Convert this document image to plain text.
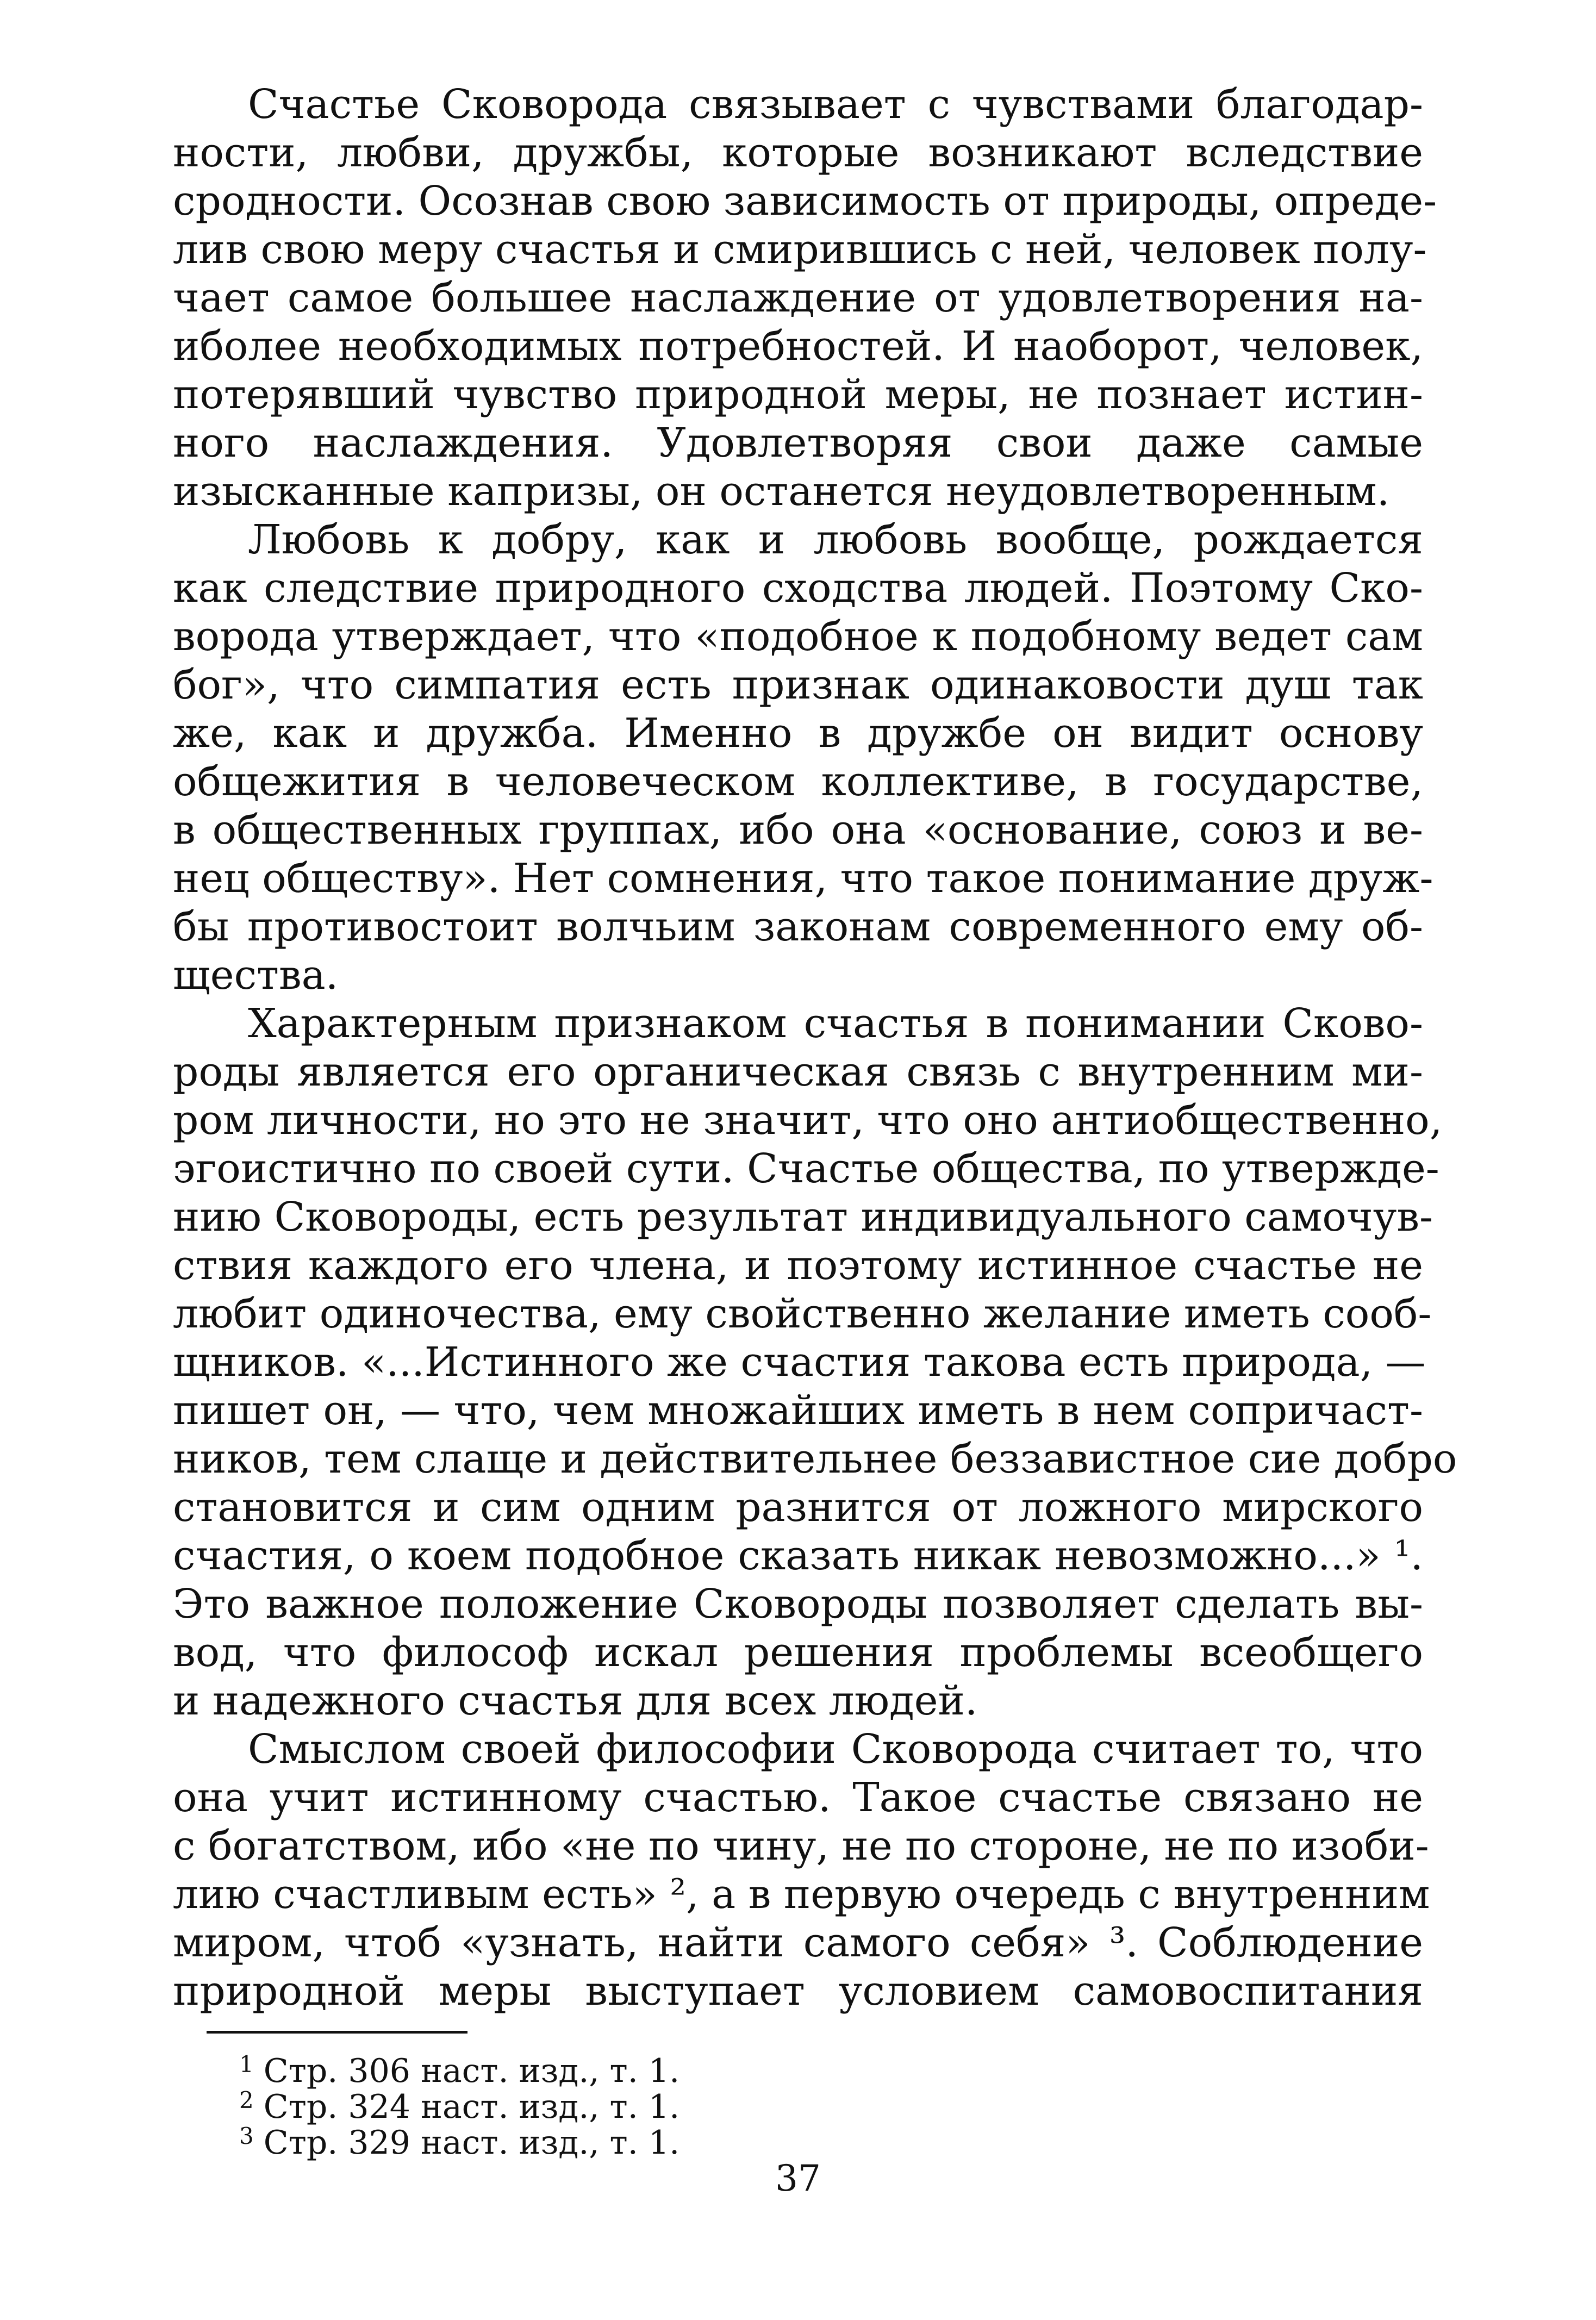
Счастье Сковорода связывает с чувствами благодар-
ности, любви, дружбы, которые возникают вследствие
сродности. Осознав свою зависимость от природы, опреде-
лив свою меру счастья и смирившись с ней, человек полу-
чает самое большее наслаждение от удовлетворения на-
иболее необходимых потребностей. И наоборот, человек,
потерявший чувство природной меры, не познает истин-
ного наслаждения. Удовлетворяя свои даже самые
изысканные капризы, он останется неудовлетворенным.
Любовь к добру, как и любовь вообще, рождается
как следствие природного сходства людей. Поэтому Ско-
ворода утверждает, что «подобное к подобному ведет сам
бог», что симпатия есть признак одинаковости душ так
же, как и дружба. Именно в дружбе он видит основу
общежития в человеческом коллективе, в государстве,
в общественных группах, ибо она «основание, союз и ве-
нец обществу». Нет сомнения, что такое понимание друж-
бы противостоит волчьим законам современного ему об-
щества.
Характерным признаком счастья в понимании Сково-
роды является его органическая связь с внутренним ми-
ром личности, но это не значит, что оно антиобщественно,
эгоистично по своей сути. Счастье общества, по утвержде-
нию Сковороды, есть результат индивидуального самочув-
ствия каждого его члена, и поэтому истинное счастье не
любит одиночества, ему свойственно желание иметь сооб-
щников. «...Истинного же счастия такова есть природа, —
пишет он, — что, чем множайших иметь в нем сопричаст-
ников, тем слаще и действительнее беззавистное сие добро
становится и сим одним разнится от ложного мирского
счастия, о коем подобное сказать никак невозможно...» ¹.
Это важное положение Сковороды позволяет сделать вы-
вод, что философ искал решения проблемы всеобщего
и надежного счастья для всех людей.
Смыслом своей философии Сковорода считает то, что
она учит истинному счастью. Такое счастье связано не
с богатством, ибо «не по чину, не по стороне, не по изоби-
лию счастливым есть» ², а в первую очередь с внутренним
миром, чтоб «узнать, найти самого себя» ³. Соблюдение
природной меры выступает условием самовоспитания
$^1$ Стр. 306 наст. изд., т. 1.
$^2$ Стр. 324 наст. изд., т. 1.
$^3$ Стр. 329 наст. изд., т. 1.
37
